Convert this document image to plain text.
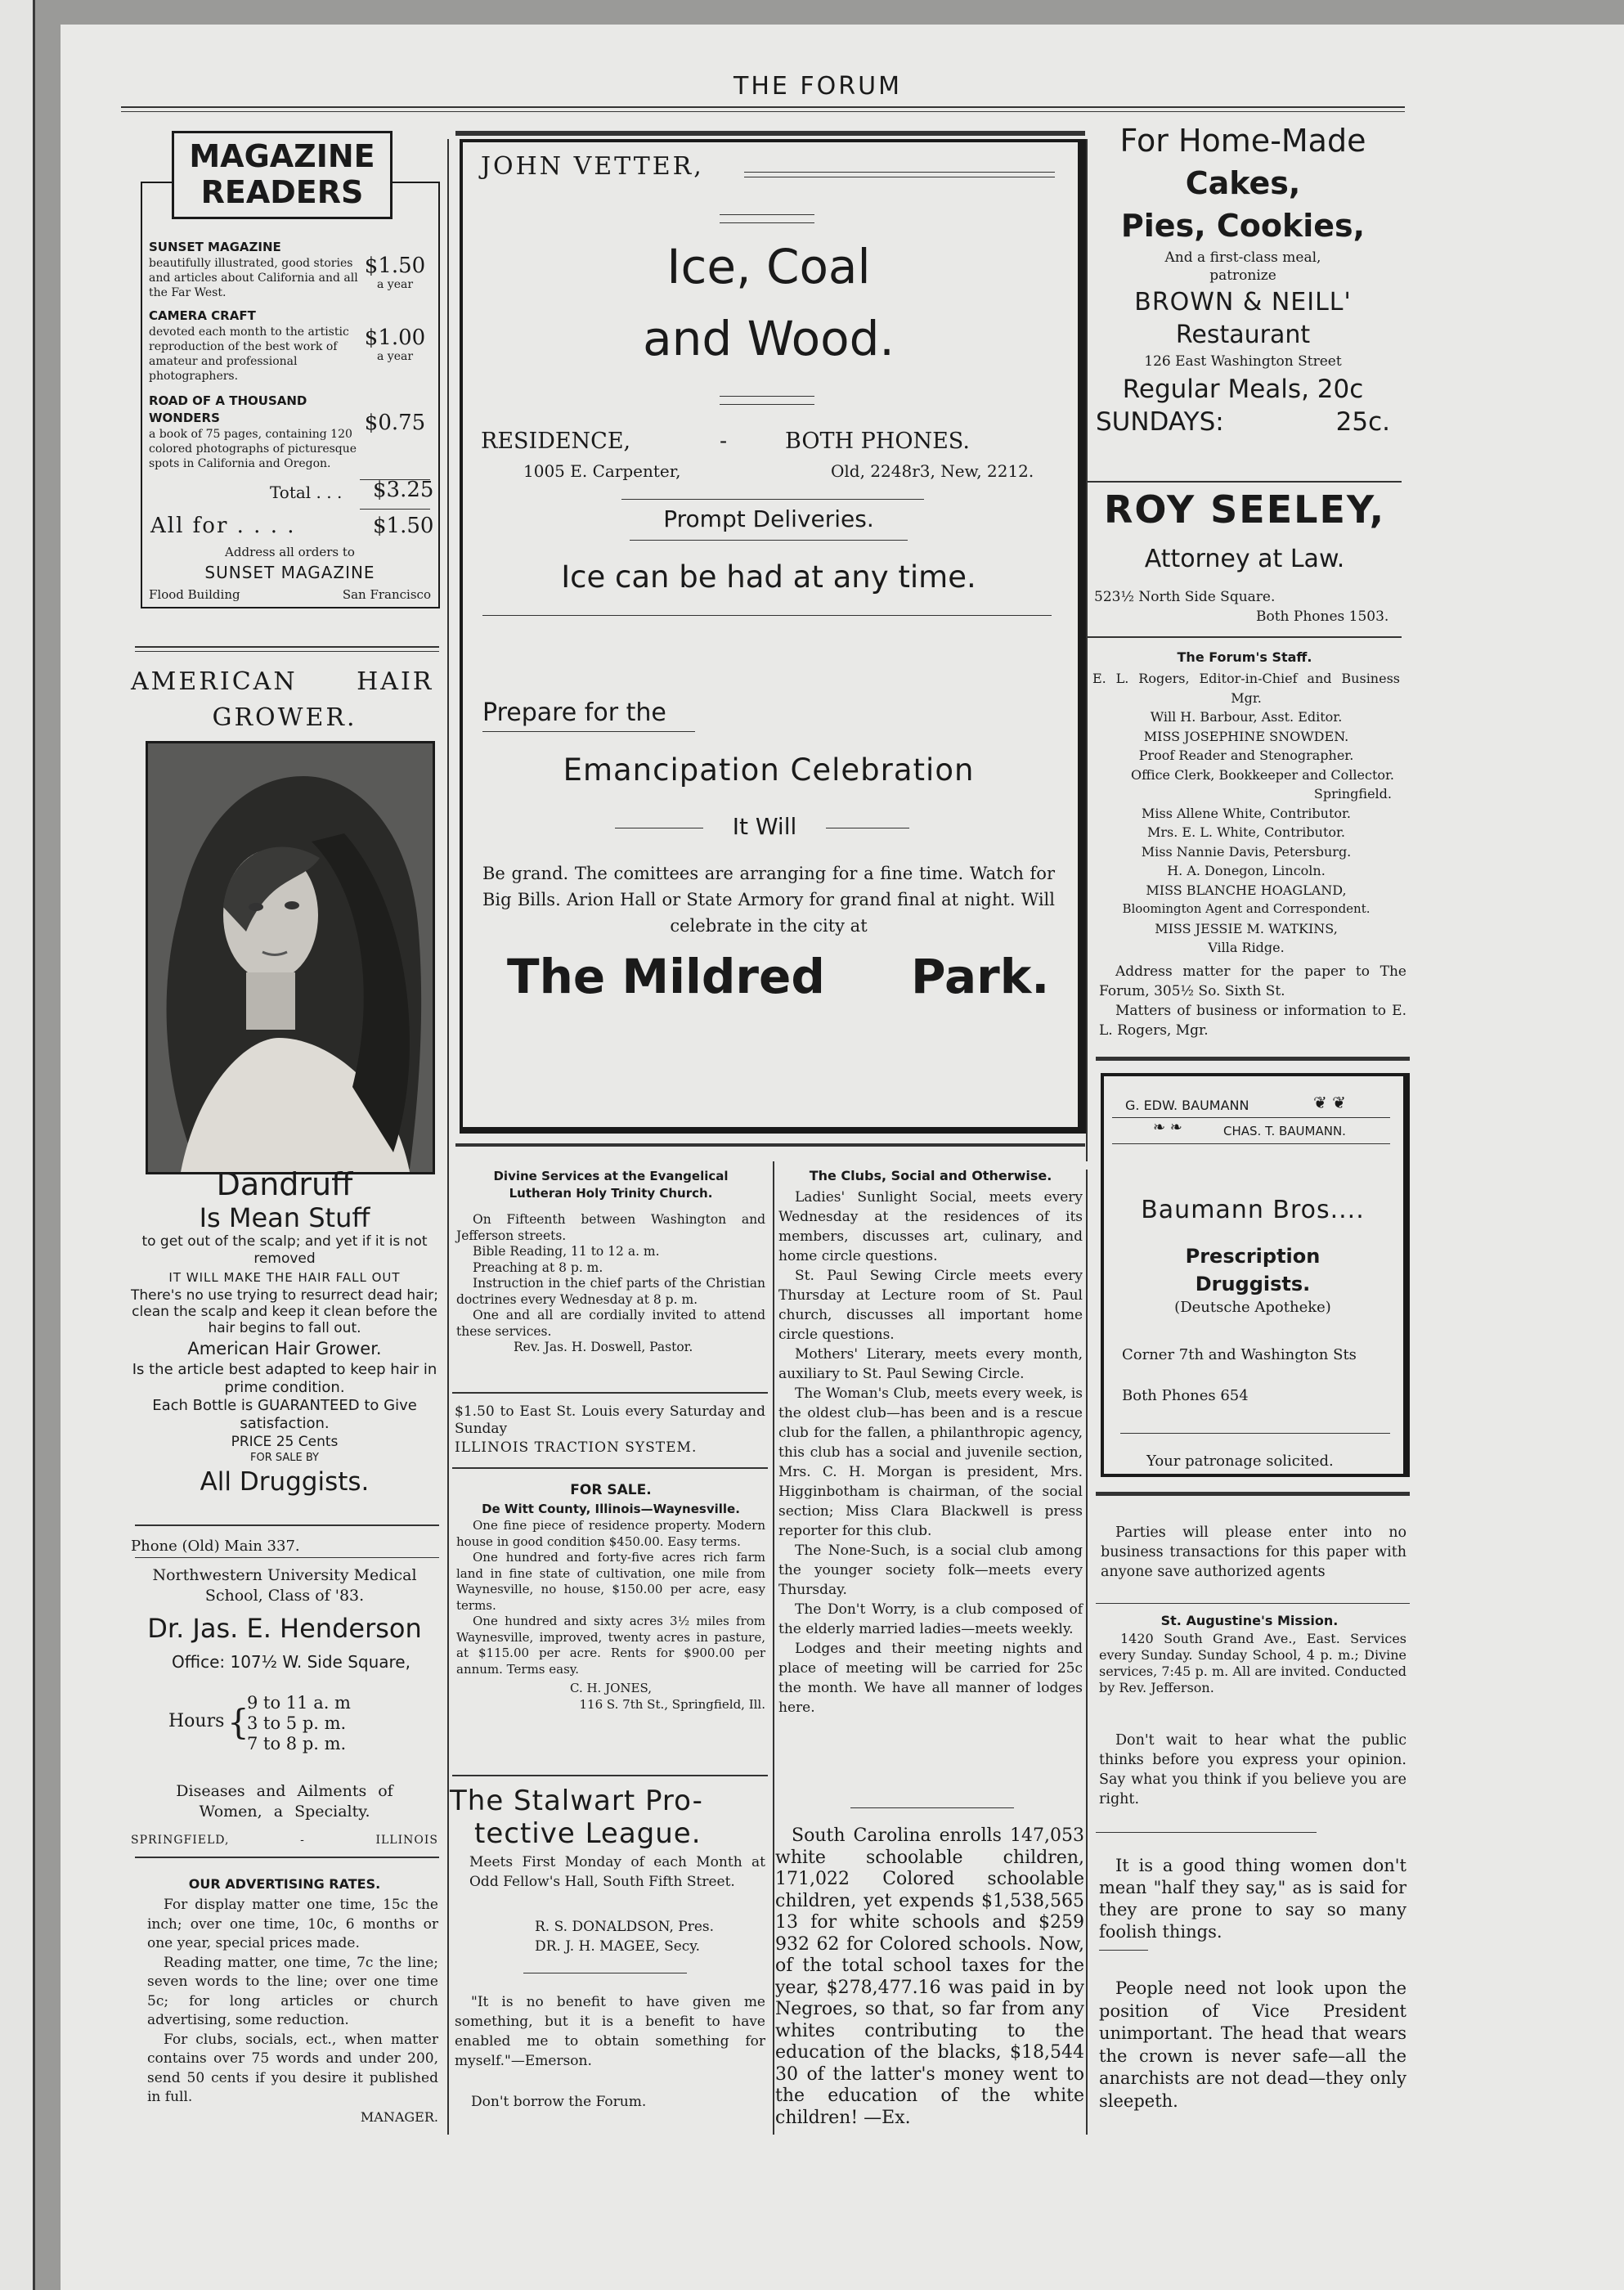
THE FORUM
MAGAZINE
READERS
SUNSET MAGAZINE
beautifully illustrated, good stories and articles about California and all the Far West.
$1.50
a year
CAMERA CRAFT
devoted each month to the artistic reproduction of the best work of amateur and professional photographers.
$1.00
a year
ROAD OF A THOUSAND WONDERS
a book of 75 pages, containing 120 colored photographs of picturesque spots in California and Oregon.
$0.75
Total . . . $3.25
All for . . . .	$1.50
Address all orders to
SUNSET MAGAZINE
Flood Building	San Francisco
AMERICAN HAIR
GROWER.
Dandruff
Is Mean Stuff
to get out of the scalp; and yet if it is not removed
IT WILL MAKE THE HAIR FALL OUT
There's no use trying to resurrect dead hair; clean the scalp and keep it clean before the hair begins to fall out.
American Hair Grower.
Is the article best adapted to keep hair in prime condition.
Each Bottle is GUARANTEED to Give satisfaction.
PRICE 25 Cents
FOR SALE BY
All Druggists.
Phone (Old) Main 337.
Northwestern University Medical
School, Class of '83.
Dr. Jas. E. Henderson
Office: 107½ W. Side Square,
Hours {
9 to 11 a. m
3 to 5 p. m.
7 to 8 p. m.
Diseases and Ailments of
Women, a Specialty.
SPRINGFIELD,	-	ILLINOIS
OUR ADVERTISING RATES.

For display matter one time, 15c the inch; over one time, 10c, 6 months or one year, special prices made.

Reading matter, one time, 7c the line; seven words to the line; over one time 5c; for long articles or church advertising, some reduction.

For clubs, socials, ect., when matter contains over 75 words and under 200, send 50 cents if you desire it published in full.

MANAGER.
JOHN VETTER,
Ice, Coal
and Wood.
RESIDENCE,	-	BOTH PHONES.
1005 E. Carpenter,	Old, 2248r3, New, 2212.
Prompt Deliveries.
Ice can be had at any time.
Prepare for the
Emancipation Celebration
It Will
Be grand. The comittees are arranging for a fine time. Watch for Big Bills. Arion Hall or State Armory for grand final at night. Will celebrate in the city at
The Mildred Park.
Divine Services at the Evangelical
Lutheran Holy Trinity Church.

On Fifteenth between Washington and Jefferson streets.

Bible Reading, 11 to 12 a. m.

Preaching at 8 p. m.

Instruction in the chief parts of the Christian doctrines every Wednesday at 8 p. m.

One and all are cordially invited to attend these services.

Rev. Jas. H. Doswell, Pastor.
$1.50 to East St. Louis every Saturday and Sunday
ILLINOIS TRACTION SYSTEM.
FOR SALE.
De Witt County, Illinois—Waynesville.

One fine piece of residence property. Modern house in good condition $450.00. Easy terms.

One hundred and forty-five acres rich farm land in fine state of cultivation, one mile from Waynesville, no house, $150.00 per acre, easy terms.

One hundred and sixty acres 3½ miles from Waynesville, improved, twenty acres in pasture, at $115.00 per acre. Rents for $900.00 per annum. Terms easy.

C. H. JONES,
116 S. 7th St., Springfield, Ill.
The Stalwart Pro-
tective League.
Meets First Monday of each Month at Odd Fellow's Hall, South Fifth Street.
R. S. DONALDSON, Pres.
DR. J. H. MAGEE, Secy.
"It is no benefit to have given me something, but it is a benefit to have enabled me to obtain something for myself."—Emerson.
Don't borrow the Forum.
The Clubs, Social and Otherwise.

Ladies' Sunlight Social, meets every Wednesday at the residences of its members, discusses art, culinary, and home circle questions.

St. Paul Sewing Circle meets every Thursday at Lecture room of St. Paul church, discusses all important home circle questions.

Mothers' Literary, meets every month, auxiliary to St. Paul Sewing Circle.

The Woman's Club, meets every week, is the oldest club—has been and is a rescue club for the fallen, a philanthropic agency, this club has a social and juvenile section, Mrs. C. H. Morgan is president, Mrs. Higginbotham is chairman, of the social section; Miss Clara Blackwell is press reporter for this club.

The None-Such, is a social club among the younger society folk—meets every Thursday.

The Don't Worry, is a club composed of the elderly married ladies—meets weekly.

Lodges and their meeting nights and place of meeting will be carried for 25c the month. We have all manner of lodges here.

South Carolina enrolls 147,053 white schoolable children, 171,022 Colored schoolable children, yet expends $1,538,565 13 for white schools and $259 932 62 for Colored schools. Now, of the total school taxes for the year, $278,477.16 was paid in by Negroes, so that, so far from any whites contributing to the education of the blacks, $18,544 30 of the latter's money went to the education of the white children! —Ex.
For Home-Made
Cakes,
Pies, Cookies,
And a first-class meal,
patronize
BROWN & NEILL'
Restaurant
126 East Washington Street
Regular Meals, 20c
SUNDAYS:	25c.
ROY SEELEY,
Attorney at Law.
523½ North Side Square.
Both Phones 1503.
The Forum's Staff.
E. L. Rogers, Editor-in-Chief and Business Mgr.
Will H. Barbour, Asst. Editor.
MISS JOSEPHINE SNOWDEN.
Proof Reader and Stenographer.
Office Clerk, Bookkeeper and Collector.
Springfield.
Miss Allene White, Contributor.
Mrs. E. L. White, Contributor.
Miss Nannie Davis, Petersburg.
H. A. Donegon, Lincoln.
MISS BLANCHE HOAGLAND,
Bloomington Agent and Correspondent.
MISS JESSIE M. WATKINS,
Villa Ridge.

Address matter for the paper to The Forum, 305½ So. Sixth St.

Matters of business or information to E. L. Rogers, Mgr.

G. EDW. BAUMANN	❦ ❦
❧ ❧	CHAS. T. BAUMANN.
Baumann Bros....
Prescription
Druggists.
(Deutsche Apotheke)
Corner 7th and Washington Sts
Both Phones 654
Your patronage solicited.
Parties will please enter into no business transactions for this paper with anyone save authorized agents
St. Augustine's Mission.
1420 South Grand Ave., East. Services every Sunday. Sunday School, 4 p. m.; Divine services, 7:45 p. m. All are invited. Conducted by Rev. Jefferson.
Don't wait to hear what the public thinks before you express your opinion. Say what you think if you believe you are right.
It is a good thing women don't mean "half they say," as is said for they are prone to say so many foolish things.
People need not look upon the position of Vice President unimportant. The head that wears the crown is never safe—all the anarchists are not dead—they only sleepeth.
